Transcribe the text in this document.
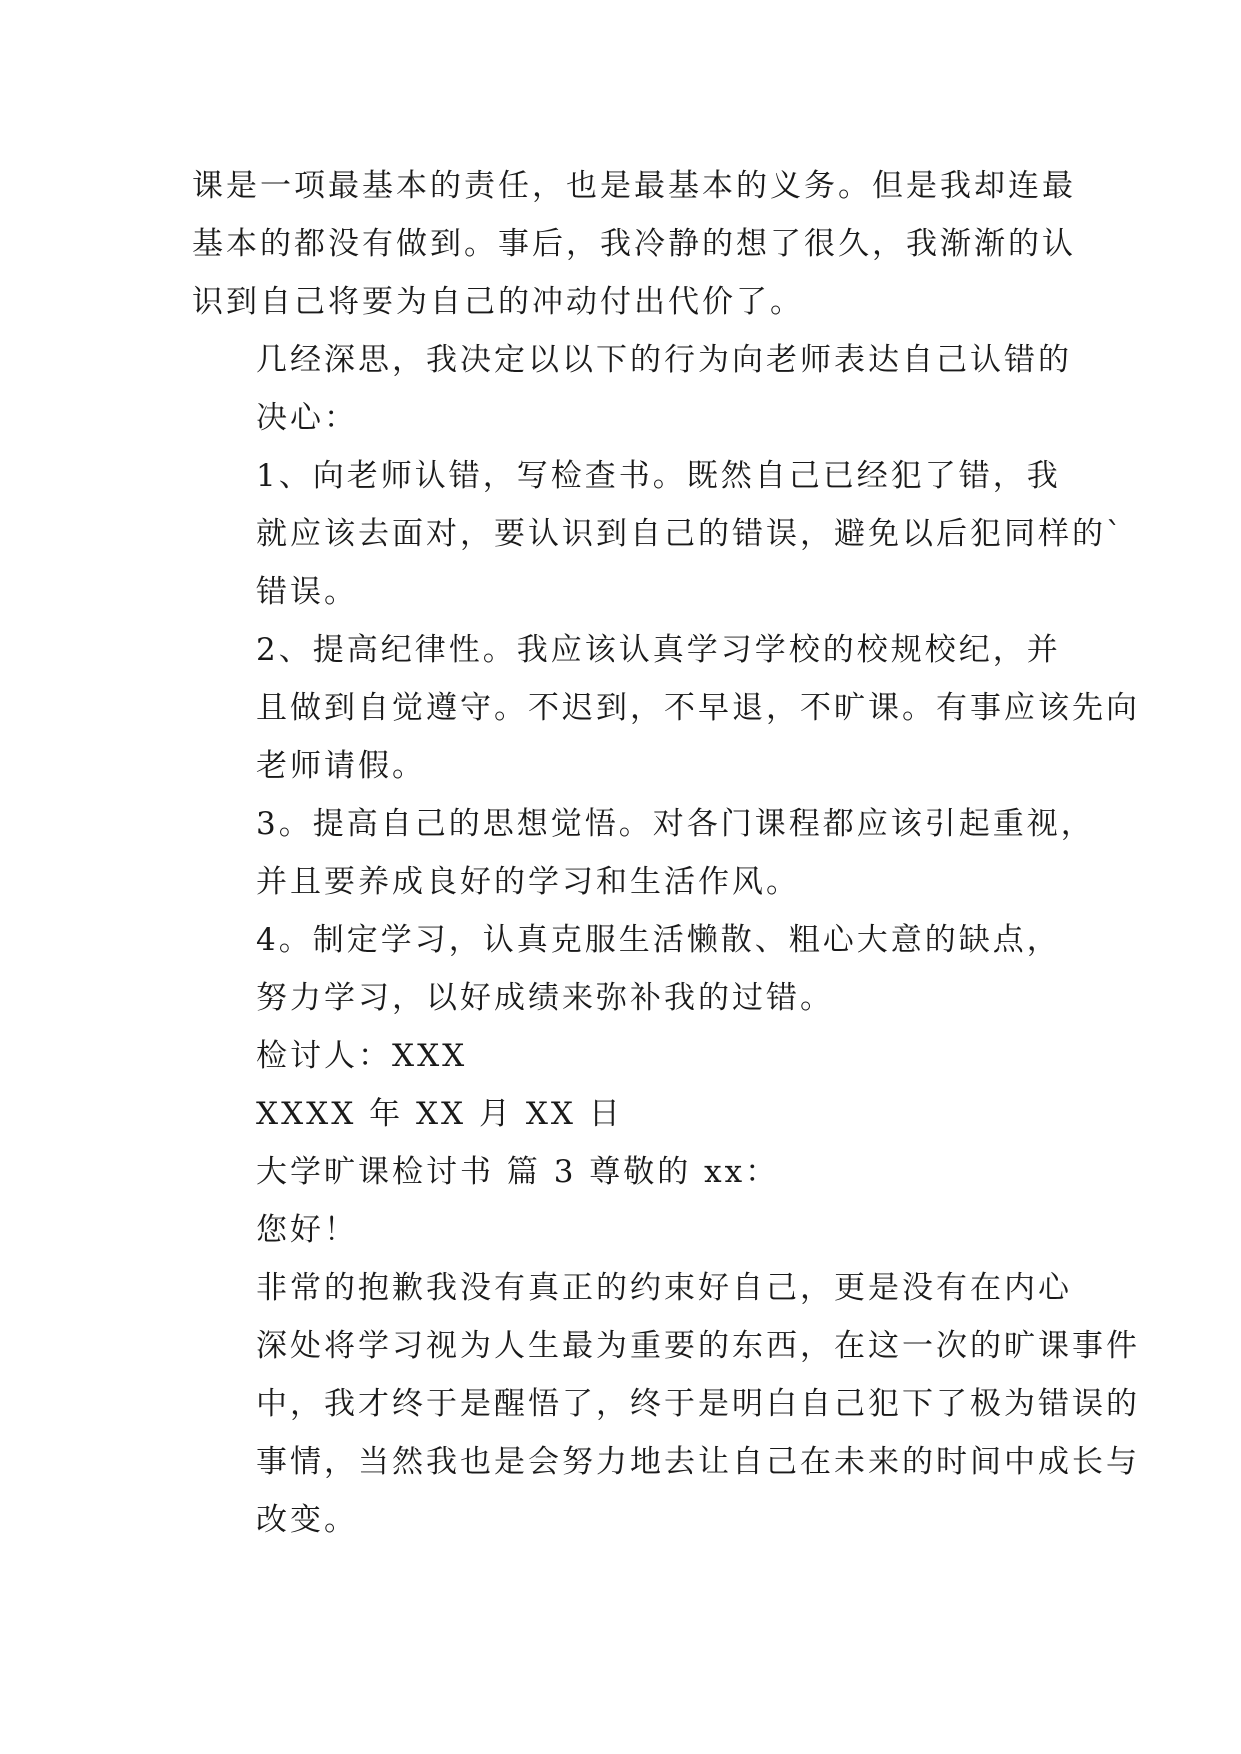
课是一项最基本的责任，也是最基本的义务。但是我却连最
基本的都没有做到。事后，我冷静的想了很久，我渐渐的认
识到自己将要为自己的冲动付出代价了。
几经深思，我决定以以下的行为向老师表达自己认错的
决心：
1、向老师认错，写检查书。既然自己已经犯了错，我
就应该去面对，要认识到自己的错误，避免以后犯同样的`
错误。
2、提高纪律性。我应该认真学习学校的校规校纪，并
且做到自觉遵守。不迟到，不早退，不旷课。有事应该先向
老师请假。
3。提高自己的思想觉悟。对各门课程都应该引起重视，
并且要养成良好的学习和生活作风。
4。制定学习，认真克服生活懒散、粗心大意的缺点，
努力学习，以好成绩来弥补我的过错。
检讨人：XXX
XXXX 年 XX 月 XX 日
大学旷课检讨书 篇 3 尊敬的 xx：
您好！
非常的抱歉我没有真正的约束好自己，更是没有在内心
深处将学习视为人生最为重要的东西，在这一次的旷课事件
中，我才终于是醒悟了，终于是明白自己犯下了极为错误的
事情，当然我也是会努力地去让自己在未来的时间中成长与
改变。
